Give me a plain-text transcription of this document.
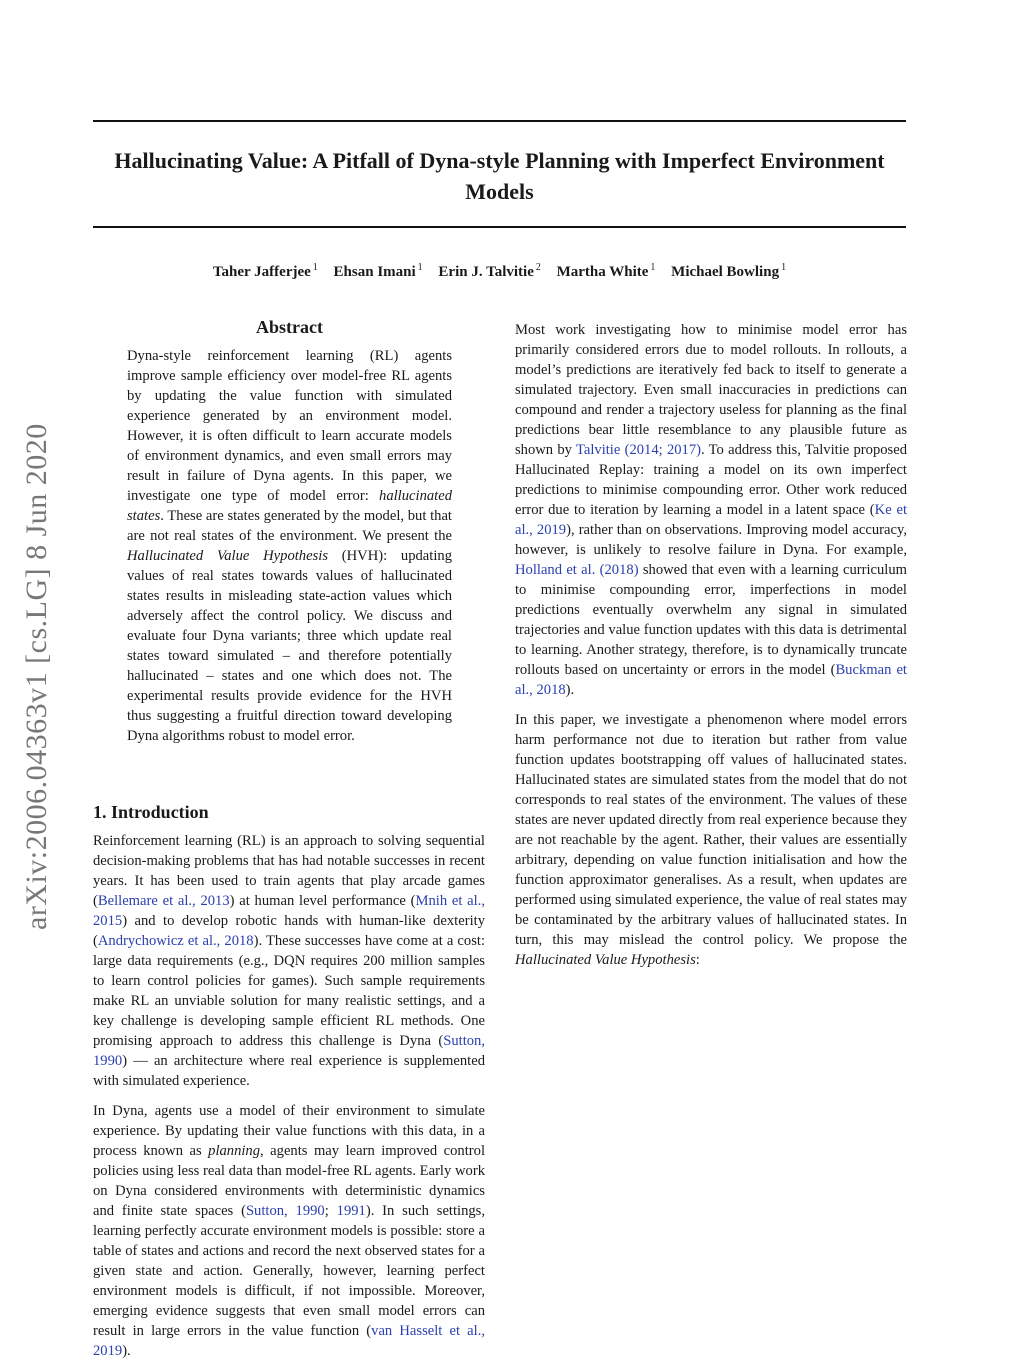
Hallucinating Value: A Pitfall of Dyna-style Planning with Imperfect Environment Models
Taher Jafferjee $^1$ Ehsan Imani $^1$ Erin J. Talvitie $^2$ Martha White $^1$ Michael Bowling $^1$
arXiv:2006.04363v1 [cs.LG] 8 Jun 2020
Abstract

Dyna-style reinforcement learning (RL) agents improve sample efficiency over model-free RL agents by updating the value function with simulated experience generated by an environment model. However, it is often difficult to learn accurate models of environment dynamics, and even small errors may result in failure of Dyna agents. In this paper, we investigate one type of model error: hallucinated states. These are states generated by the model, but that are not real states of the environment. We present the Hallucinated Value Hypothesis (HVH): updating values of real states towards values of hallucinated states results in misleading state-action values which adversely affect the control policy. We discuss and evaluate four Dyna variants; three which update real states toward simulated – and therefore potentially hallucinated – states and one which does not. The experimental results provide evidence for the HVH thus suggesting a fruitful direction toward developing Dyna algorithms robust to model error.

1. Introduction

Reinforcement learning (RL) is an approach to solving sequential decision-making problems that has had notable successes in recent years. It has been used to train agents that play arcade games (Bellemare et al., 2013) at human level performance (Mnih et al., 2015) and to develop robotic hands with human-like dexterity (Andrychowicz et al., 2018). These successes have come at a cost: large data requirements (e.g., DQN requires 200 million samples to learn control policies for games). Such sample requirements make RL an unviable solution for many realistic settings, and a key challenge is developing sample efficient RL methods. One promising approach to address this challenge is Dyna (Sutton, 1990) — an architecture where real experience is supplemented with simulated experience.

In Dyna, agents use a model of their environment to simulate experience. By updating their value functions with this data, in a process known as planning, agents may learn improved control policies using less real data than model-free RL agents. Early work on Dyna considered environments with deterministic dynamics and finite state spaces (Sutton, 1990; 1991). In such settings, learning perfectly accurate environment models is possible: store a table of states and actions and record the next observed states for a given state and action. Generally, however, learning perfect environment models is difficult, if not impossible. Moreover, emerging evidence suggests that even small model errors can result in large errors in the value function (van Hasselt et al., 2019).

Most work investigating how to minimise model error has primarily considered errors due to model rollouts. In rollouts, a model’s predictions are iteratively fed back to itself to generate a simulated trajectory. Even small inaccuracies in predictions can compound and render a trajectory useless for planning as the final predictions bear little resemblance to any plausible future as shown by Talvitie (2014; 2017). To address this, Talvitie proposed Hallucinated Replay: training a model on its own imperfect predictions to minimise compounding error. Other work reduced error due to iteration by learning a model in a latent space (Ke et al., 2019), rather than on observations. Improving model accuracy, however, is unlikely to resolve failure in Dyna. For example, Holland et al. (2018) showed that even with a learning curriculum to minimise compounding error, imperfections in model predictions eventually overwhelm any signal in simulated trajectories and value function updates with this data is detrimental to learning. Another strategy, therefore, is to dynamically truncate rollouts based on uncertainty or errors in the model (Buckman et al., 2018).

In this paper, we investigate a phenomenon where model errors harm performance not due to iteration but rather from value function updates bootstrapping off values of hallucinated states. Hallucinated states are simulated states from the model that do not corresponds to real states of the environment. The values of these states are never updated directly from real experience because they are not reachable by the agent. Rather, their values are essentially arbitrary, depending on value function initialisation and how the function approximator generalises. As a result, when updates are performed using simulated experience, the value of real states may be contaminated by the arbitrary values of hallucinated states. In turn, this may mislead the control policy. We propose the Hallucinated Value Hypothesis:
